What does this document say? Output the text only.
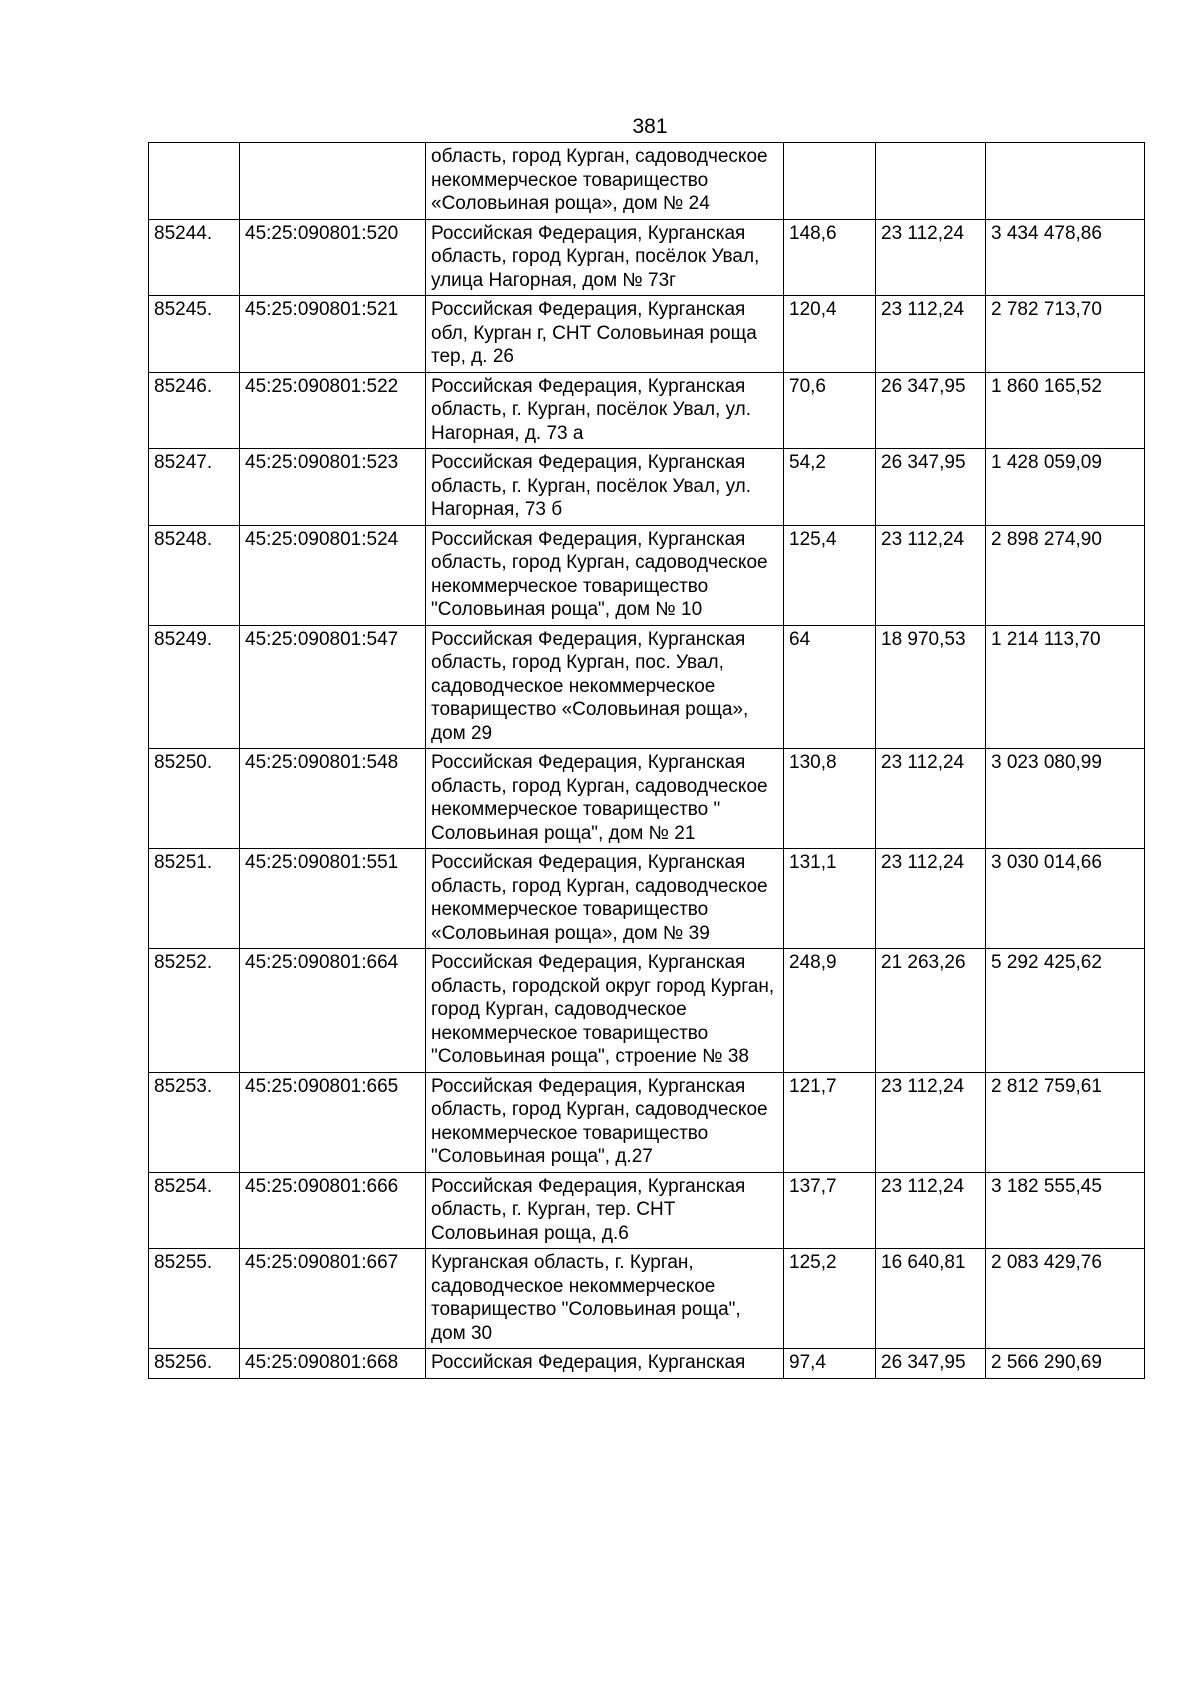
381
		область, город Курган, садоводческое некоммерческое товарищество «Соловьиная роща», дом № 24			
85244.	45:25:090801:520	Российская Федерация, Курганская область, город Курган, посёлок Увал, улица Нагорная, дом № 73г	148,6	23 112,24	3 434 478,86
85245.	45:25:090801:521	Российская Федерация, Курганская обл, Курган г, СНТ Соловьиная роща тер, д. 26	120,4	23 112,24	2 782 713,70
85246.	45:25:090801:522	Российская Федерация, Курганская область, г. Курган, посёлок Увал, ул. Нагорная, д. 73 а	70,6	26 347,95	1 860 165,52
85247.	45:25:090801:523	Российская Федерация, Курганская область, г. Курган, посёлок Увал, ул. Нагорная, 73 б	54,2	26 347,95	1 428 059,09
85248.	45:25:090801:524	Российская Федерация, Курганская область, город Курган, садоводческое некоммерческое товарищество "Соловьиная роща", дом № 10	125,4	23 112,24	2 898 274,90
85249.	45:25:090801:547	Российская Федерация, Курганская область, город Курган, пос. Увал, садоводческое некоммерческое товарищество «Соловьиная роща», дом 29	64	18 970,53	1 214 113,70
85250.	45:25:090801:548	Российская Федерация, Курганская область, город Курган, садоводческое некоммерческое товарищество " Соловьиная роща", дом № 21	130,8	23 112,24	3 023 080,99
85251.	45:25:090801:551	Российская Федерация, Курганская область, город Курган, садоводческое некоммерческое товарищество «Соловьиная роща», дом № 39	131,1	23 112,24	3 030 014,66
85252.	45:25:090801:664	Российская Федерация, Курганская область, городской округ город Курган, город Курган, садоводческое некоммерческое товарищество "Соловьиная роща", строение № 38	248,9	21 263,26	5 292 425,62
85253.	45:25:090801:665	Российская Федерация, Курганская область, город Курган, садоводческое некоммерческое товарищество "Соловьиная роща", д.27	121,7	23 112,24	2 812 759,61
85254.	45:25:090801:666	Российская Федерация, Курганская область, г. Курган, тер. СНТ Соловьиная роща, д.6	137,7	23 112,24	3 182 555,45
85255.	45:25:090801:667	Курганская область, г. Курган, садоводческое некоммерческое товарищество "Соловьиная роща", дом 30	125,2	16 640,81	2 083 429,76
85256.	45:25:090801:668	Российская Федерация, Курганская	97,4	26 347,95	2 566 290,69
